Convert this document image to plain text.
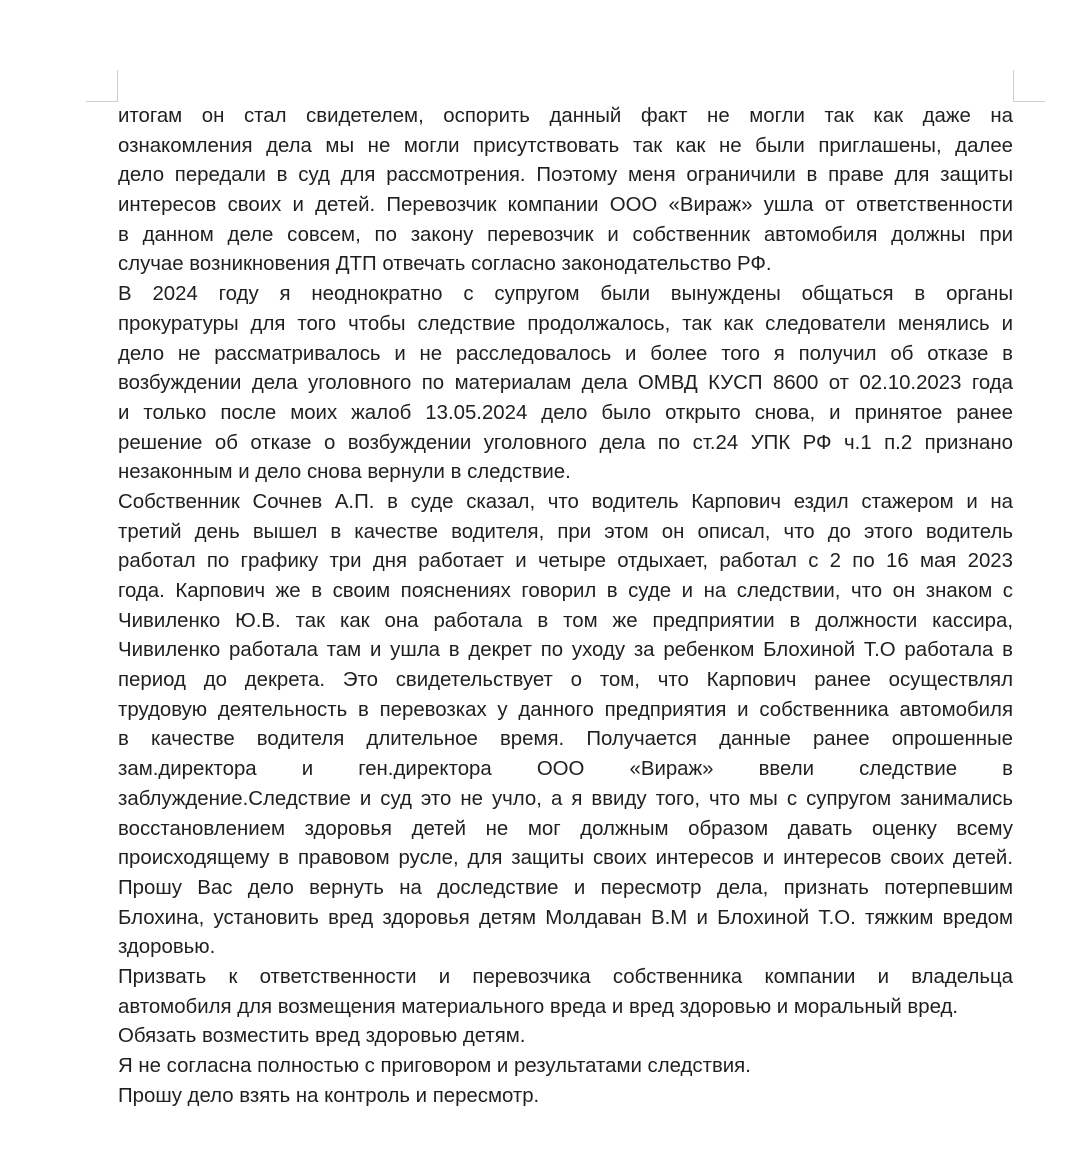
итогам он стал свидетелем, оспорить данный факт не могли так как даже на
ознакомления дела мы не могли присутствовать так как не были приглашены, далее
дело передали в суд для рассмотрения. Поэтому меня ограничили в праве для защиты
интересов своих и детей. Перевозчик компании ООО «Вираж» ушла от ответственности
в данном деле совсем, по закону перевозчик и собственник автомобиля должны при
случае возникновения ДТП отвечать согласно законодательство РФ.
В 2024 году я неоднократно с супругом были вынуждены общаться в органы
прокуратуры для того чтобы следствие продолжалось, так как следователи менялись и
дело не рассматривалось и не расследовалось и более того я получил об отказе в
возбуждении дела уголовного по материалам дела ОМВД КУСП 8600 от 02.10.2023 года
и только после моих жалоб 13.05.2024 дело было открыто снова, и принятое ранее
решение об отказе о возбуждении уголовного дела по ст.24 УПК РФ ч.1 п.2 признано
незаконным и дело снова вернули в следствие.
Собственник Сочнев А.П. в суде сказал, что водитель Карпович ездил стажером и на
третий день вышел в качестве водителя, при этом он описал, что до этого водитель
работал по графику три дня работает и четыре отдыхает, работал с 2 по 16 мая 2023
года. Карпович же в своим пояснениях говорил в суде и на следствии, что он знаком с
Чивиленко Ю.В. так как она работала в том же предприятии в должности кассира,
Чивиленко работала там и ушла в декрет по уходу за ребенком Блохиной Т.О работала в
период до декрета. Это свидетельствует о том, что Карпович ранее осуществлял
трудовую деятельность в перевозках у данного предприятия и собственника автомобиля
в качестве водителя длительное время. Получается данные ранее опрошенные
зам.директора и ген.директора ООО «Вираж» ввели следствие в
заблуждение.Следствие и суд это не учло, а я ввиду того, что мы с супругом занимались
восстановлением здоровья детей не мог должным образом давать оценку всему
происходящему в правовом русле, для защиты своих интересов и интересов своих детей.
Прошу Вас дело вернуть на доследствие и пересмотр дела, признать потерпевшим
Блохина, установить вред здоровья детям Молдаван В.М и Блохиной Т.О. тяжким вредом
здоровью.
Призвать к ответственности и перевозчика собственника компании и владельца
автомобиля для возмещения материального вреда и вред здоровью и моральный вред.
Обязать возместить вред здоровью детям.
Я не согласна полностью с приговором и результатами следствия.
Прошу дело взять на контроль и пересмотр.
